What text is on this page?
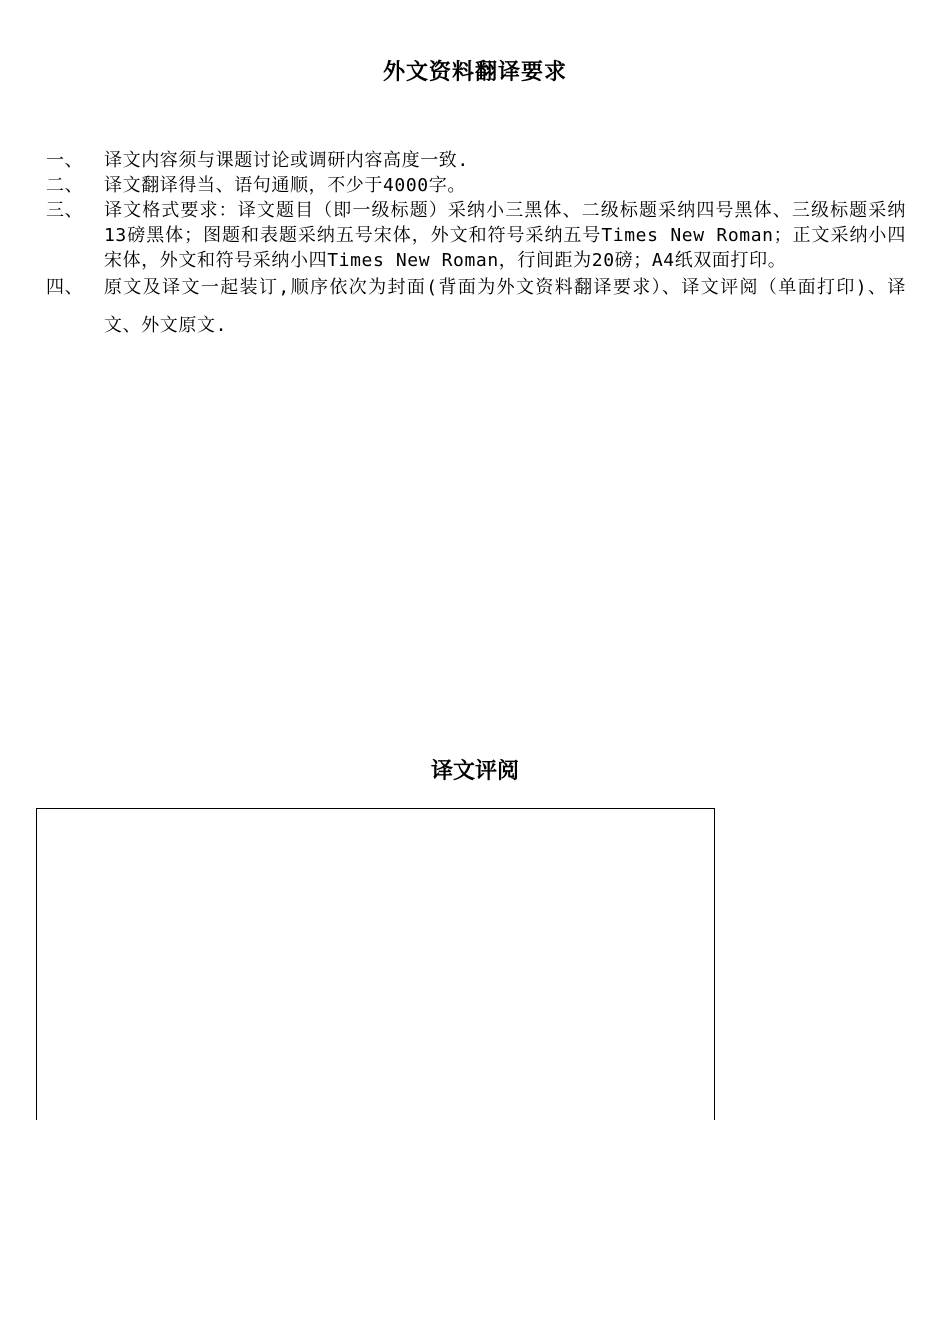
外文资料翻译要求
一、	译文内容须与课题讨论或调研内容高度一致.
二、	译文翻译得当、语句通顺，不少于4000字。
三、	译文格式要求：译文题目（即一级标题）采纳小三黑体、二级标题采纳四号黑体、三级标题采纳13磅黑体；图题和表题采纳五号宋体，外文和符号采纳五号Times New Roman；正文采纳小四宋体，外文和符号采纳小四Times New Roman，行间距为20磅；A4纸双面打印。
四、	原文及译文一起装订,顺序依次为封面(背面为外文资料翻译要求）、译文评阅（单面打印)、译文、外文原文.
译文评阅
